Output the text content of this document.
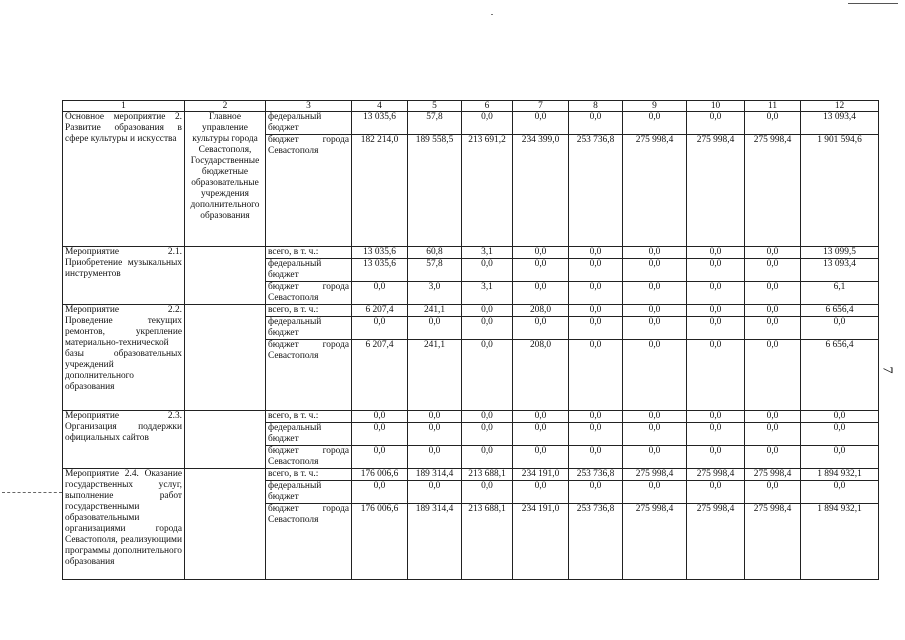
7
1	2	3	4	5	6	7	8	9	10	11	12
Основное мероприятие 2. Развитие образования в сфере культуры и искусства	Главное управление культуры города Севастополя, Государственные бюджетные образовательные учреждения дополнительного образования	федеральный бюджет	13 035,6	57,8	0,0	0,0	0,0	0,0	0,0	0,0	13 093,4
		бюджет города Севастополя	182 214,0	189 558,5	213 691,2	234 399,0	253 736,8	275 998,4	275 998,4	275 998,4	1 901 594,6
Мероприятие 2.1. Приобретение музыкальных инструментов		всего, в т. ч.:	13 035,6	60,8	3,1	0,0	0,0	0,0	0,0	0,0	13 099,5
		федеральный бюджет	13 035,6	57,8	0,0	0,0	0,0	0,0	0,0	0,0	13 093,4
		бюджет города Севастополя	0,0	3,0	3,1	0,0	0,0	0,0	0,0	0,0	6,1
Мероприятие 2.2. Проведение текущих ремонтов, укрепление материально-технической базы образовательных учреждений дополнительного образования		всего, в т. ч.:	6 207,4	241,1	0,0	208,0	0,0	0,0	0,0	0,0	6 656,4
		федеральный бюджет	0,0	0,0	0,0	0,0	0,0	0,0	0,0	0,0	0,0
		бюджет города Севастополя	6 207,4	241,1	0,0	208,0	0,0	0,0	0,0	0,0	6 656,4
Мероприятие 2.3. Организация поддержки официальных сайтов		всего, в т. ч.:	0,0	0,0	0,0	0,0	0,0	0,0	0,0	0,0	0,0
		федеральный бюджет	0,0	0,0	0,0	0,0	0,0	0,0	0,0	0,0	0,0
		бюджет города Севастополя	0,0	0,0	0,0	0,0	0,0	0,0	0,0	0,0	0,0
Мероприятие 2.4. Оказание государственных услуг, выполнение работ государственными образовательными организациями города Севастополя, реализующими программы дополнительного образования		всего, в т. ч.:	176 006,6	189 314,4	213 688,1	234 191,0	253 736,8	275 998,4	275 998,4	275 998,4	1 894 932,1
		федеральный бюджет	0,0	0,0	0,0	0,0	0,0	0,0	0,0	0,0	0,0
		бюджет города Севастополя	176 006,6	189 314,4	213 688,1	234 191,0	253 736,8	275 998,4	275 998,4	275 998,4	1 894 932,1
